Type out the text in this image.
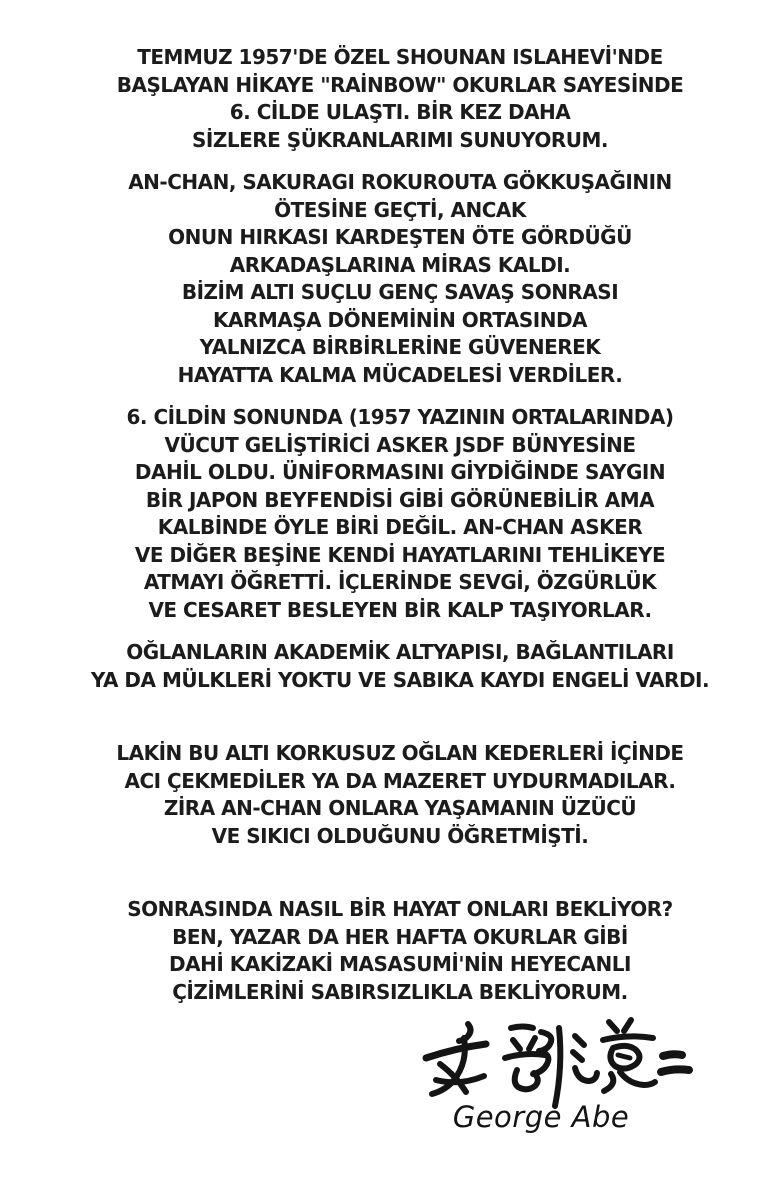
TEMMUZ 1957'DE ÖZEL SHOUNAN ISLAHEVİ'NDE
BAŞLAYAN HİKAYE "RAİNBOW" OKURLAR SAYESİNDE
6. CİLDE ULAŞTI. BİR KEZ DAHA
SİZLERE ŞÜKRANLARIMI SUNUYORUM.
AN-CHAN, SAKURAGI ROKUROUTA GÖKKUŞAĞININ
ÖTESİNE GEÇTİ, ANCAK
ONUN HIRKASI KARDEŞTEN ÖTE GÖRDÜĞÜ
ARKADAŞLARINA MİRAS KALDI.
BİZİM ALTI SUÇLU GENÇ SAVAŞ SONRASI
KARMAŞA DÖNEMİNİN ORTASINDA
YALNIZCA BİRBİRLERİNE GÜVENEREK
HAYATTA KALMA MÜCADELESİ VERDİLER.
6. CİLDİN SONUNDA (1957 YAZININ ORTALARINDA)
VÜCUT GELİŞTİRİCİ ASKER JSDF BÜNYESİNE
DAHİL OLDU. ÜNİFORMASINI GİYDİĞİNDE SAYGIN
BİR JAPON BEYFENDİSİ GİBİ GÖRÜNEBİLİR AMA
KALBİNDE ÖYLE BİRİ DEĞİL. AN-CHAN ASKER
VE DİĞER BEŞİNE KENDİ HAYATLARINI TEHLİKEYE
ATMAYI ÖĞRETTİ. İÇLERİNDE SEVGİ, ÖZGÜRLÜK
VE CESARET BESLEYEN BİR KALP TAŞIYORLAR.
OĞLANLARIN AKADEMİK ALTYAPISI, BAĞLANTILARI
YA DA MÜLKLERİ YOKTU VE SABIKA KAYDI ENGELİ VARDI.
LAKİN BU ALTI KORKUSUZ OĞLAN KEDERLERİ İÇİNDE
ACI ÇEKMEDİLER YA DA MAZERET UYDURMADILAR.
ZİRA AN-CHAN ONLARA YAŞAMANIN ÜZÜCÜ
VE SIKICI OLDUĞUNU ÖĞRETMİŞTİ.
SONRASINDA NASIL BİR HAYAT ONLARI BEKLİYOR?
BEN, YAZAR DA HER HAFTA OKURLAR GİBİ
DAHİ KAKİZAKİ MASASUMİ'NİN HEYECANLI
ÇİZİMLERİNİ SABIRSIZLIKLA BEKLİYORUM.
George Abe
